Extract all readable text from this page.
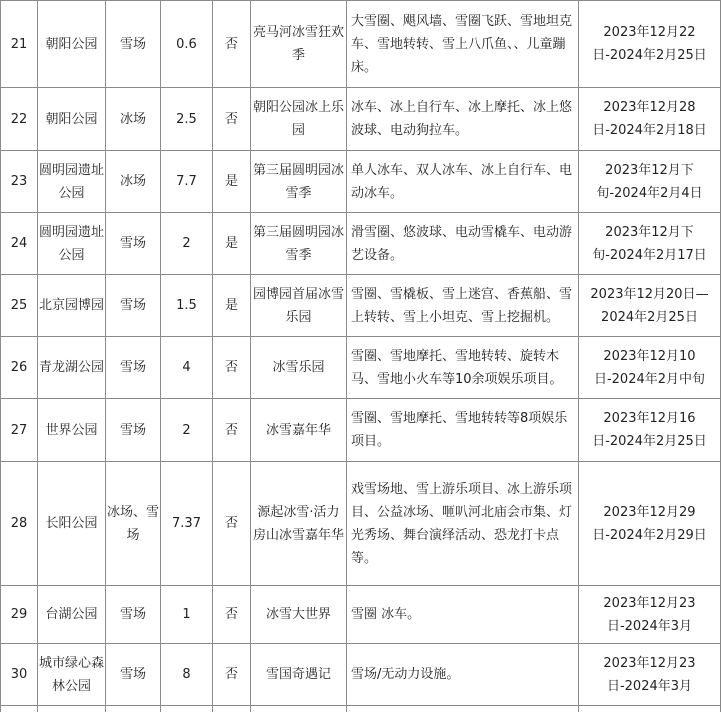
21	朝阳公园	雪场	0.6	否	亮马河冰雪狂欢季	大雪圈、飓风墙、雪圈飞跃、雪地坦克车、雪地转转、雪上八爪鱼、、儿童蹦床。	2023年12月22日-2024年2月25日
22	朝阳公园	冰场	2.5	否	朝阳公园冰上乐园	冰车、冰上自行车、冰上摩托、冰上悠波球、电动狗拉车。	2023年12月28日-2024年2月18日
23	圆明园遗址公园	冰场	7.7	是	第三届圆明园冰雪季	单人冰车、双人冰车、冰上自行车、电动冰车。	2023年12月下旬-2024年2月4日
24	圆明园遗址公园	雪场	2	是	第三届圆明园冰雪季	滑雪圈、悠波球、电动雪橇车、电动游艺设备。	2023年12月下旬-2024年2月17日
25	北京园博园	雪场	1.5	是	园博园首届冰雪乐园	雪圈、雪橇板、雪上迷宫、香蕉船、雪上转转、雪上小坦克、雪上挖掘机。	2023年12月20日—2024年2月25日
26	青龙湖公园	雪场	4	否	冰雪乐园	雪圈、雪地摩托、雪地转转、旋转木马、雪地小火车等10余项娱乐项目。	2023年12月10日-2024年2月中旬
27	世界公园	雪场	2	否	冰雪嘉年华	雪圈、雪地摩托、雪地转转等8项娱乐项目。	2023年12月16日-2024年2月25日
28	长阳公园	冰场、雪场	7.37	否	源起冰雪·活力房山冰雪嘉年华	戏雪场地、雪上游乐项目、冰上游乐项目、公益冰场、咂叭河北庙会市集、灯光秀场、舞台演绎活动、恐龙打卡点等。	2023年12月29日-2024年2月29日
29	台湖公园	雪场	1	否	冰雪大世界	雪圈 冰车。	2023年12月23日-2024年3月
30	城市绿心森林公园	雪场	8	否	雪国奇遇记	雪场/无动力设施。	2023年12月23日-2024年3月
